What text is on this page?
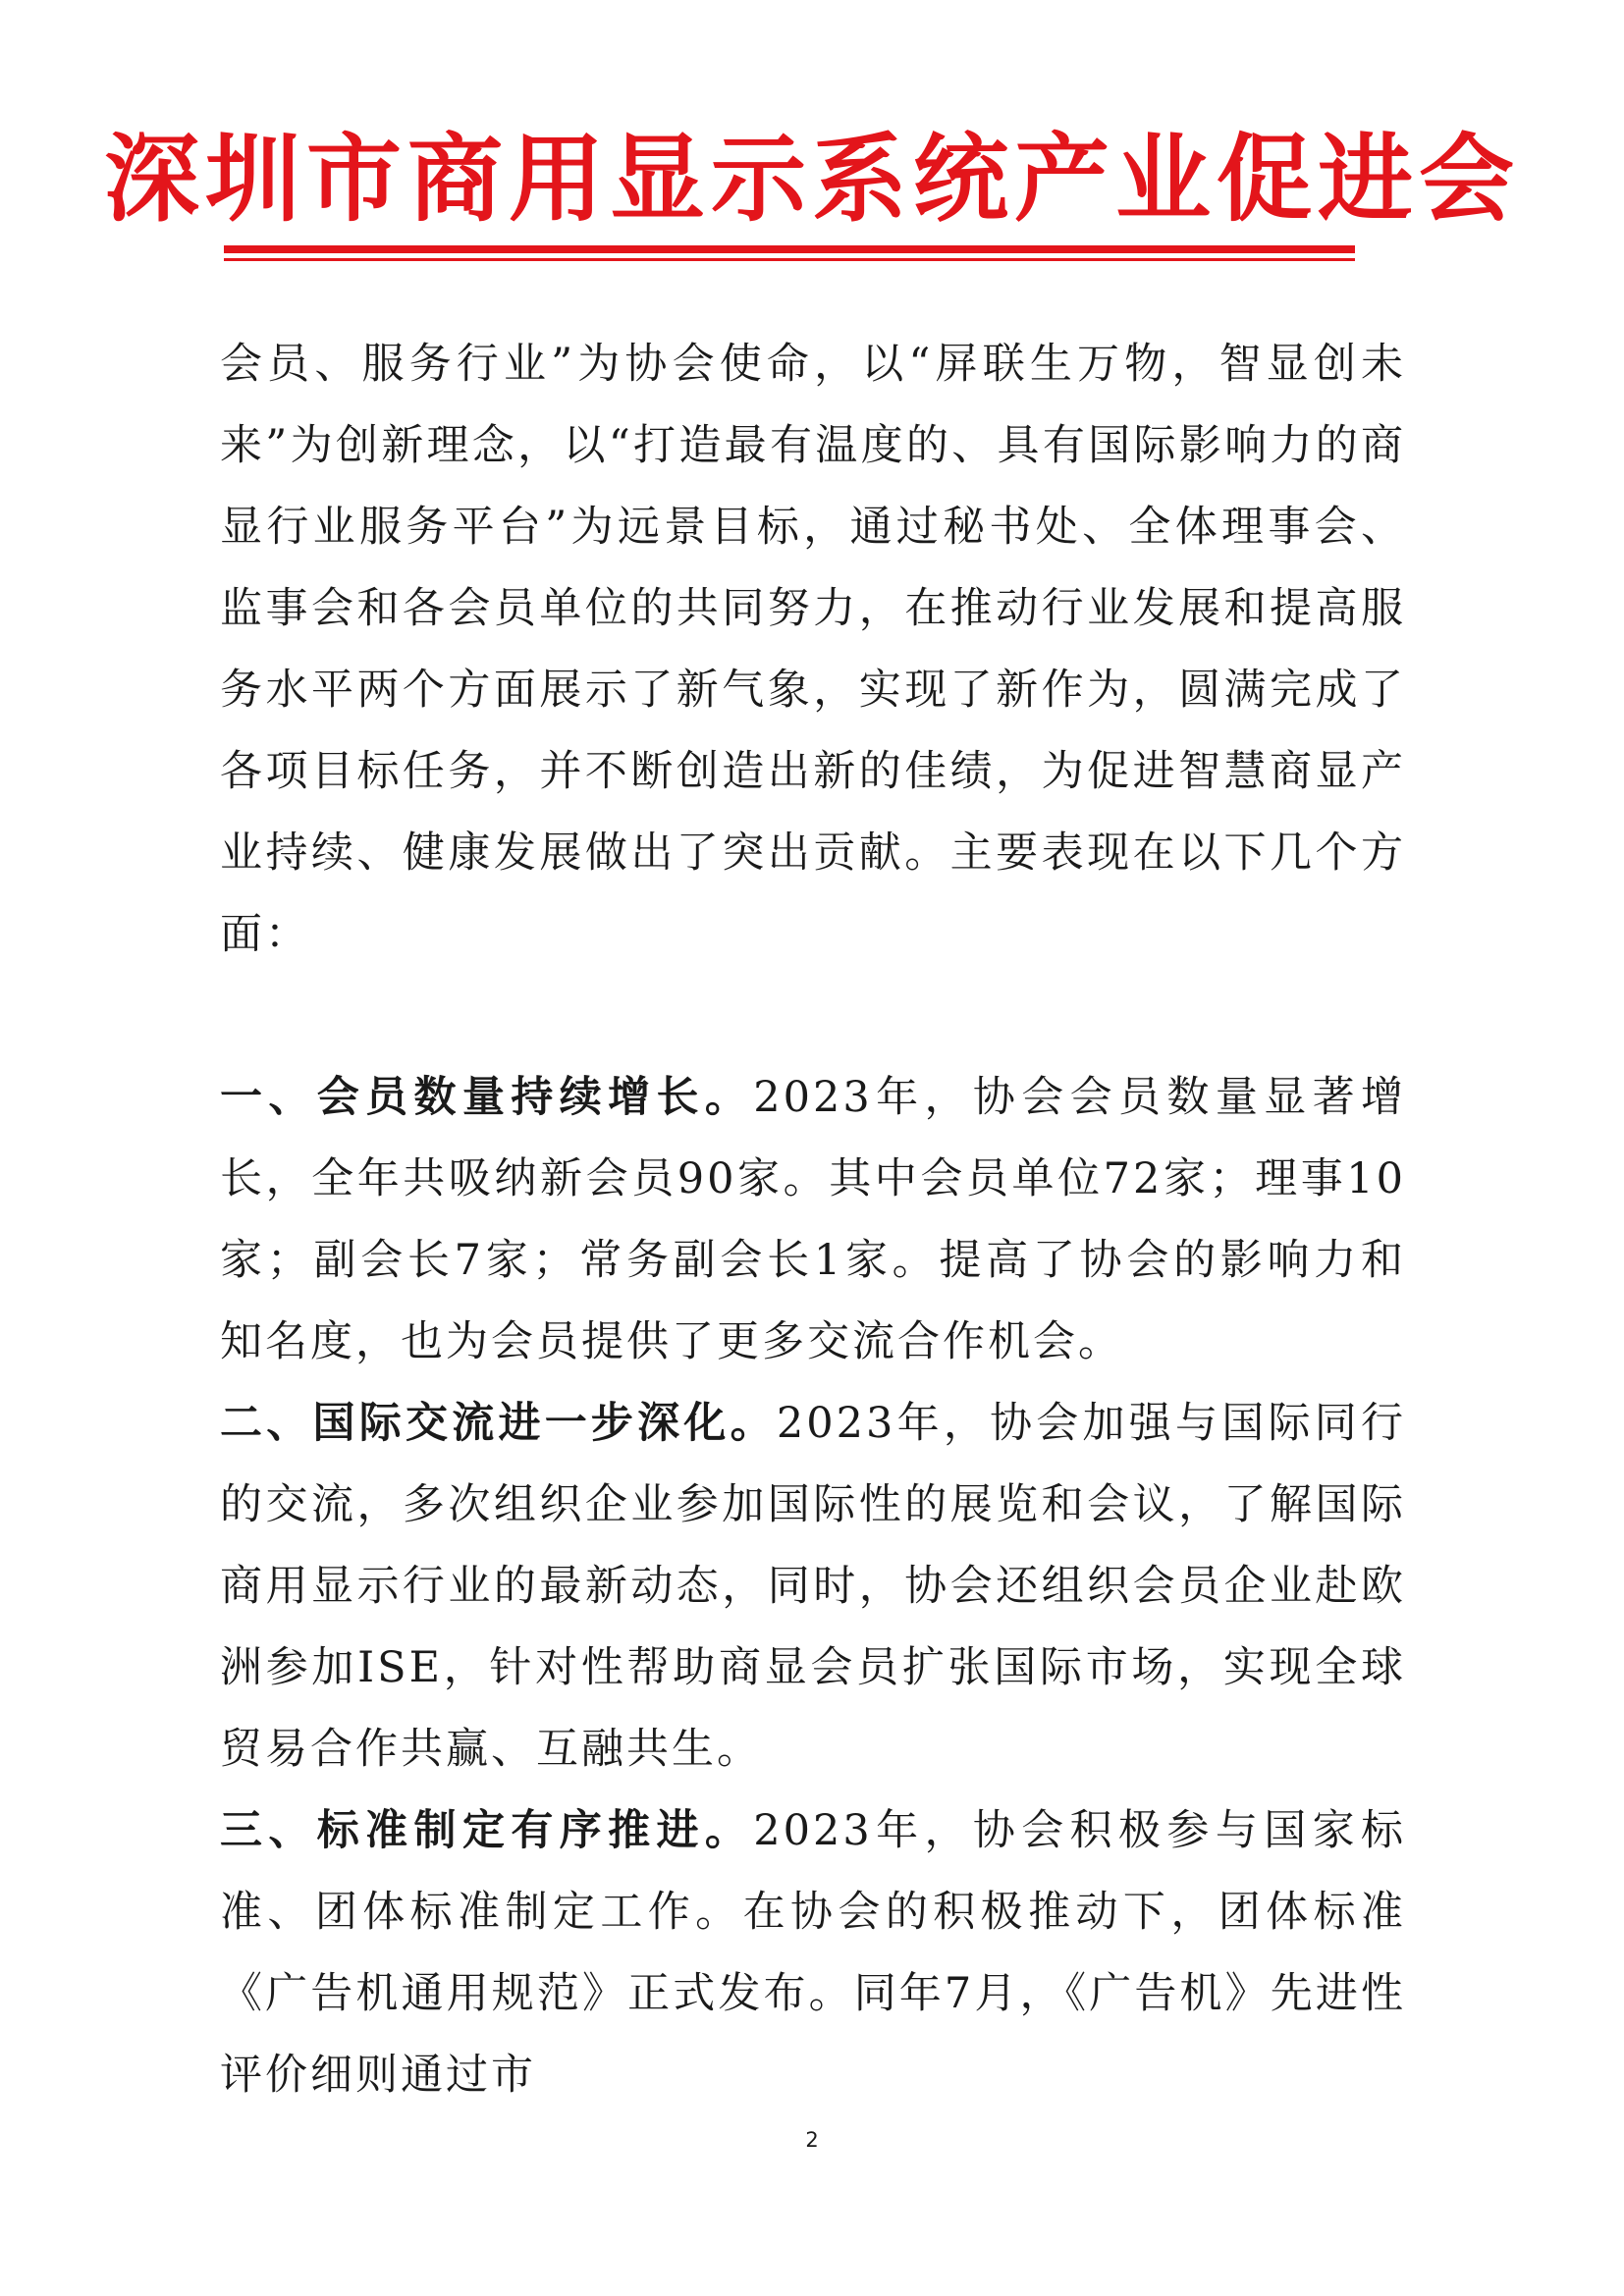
深圳市商用显示系统产业促进会

会员、服务行业”为协会使命，以“屏联生万物，智显创未来”为创新理念，以“打造最有温度的、具有国际影响力的商显行业服务平台”为远景目标，通过秘书处、全体理事会、监事会和各会员单位的共同努力，在推动行业发展和提高服务水平两个方面展示了新气象，实现了新作为，圆满完成了各项目标任务，并不断创造出新的佳绩，为促进智慧商显产业持续、健康发展做出了突出贡献。主要表现在以下几个方面：

一、会员数量持续增长。2023年，协会会员数量显著增长，全年共吸纳新会员90家。其中会员单位72家；理事10家；副会长7家；常务副会长1家。提高了协会的影响力和知名度，也为会员提供了更多交流合作机会。

二、国际交流进一步深化。2023年，协会加强与国际同行的交流，多次组织企业参加国际性的展览和会议，了解国际商用显示行业的最新动态，同时，协会还组织会员企业赴欧洲参加ISE，针对性帮助商显会员扩张国际市场，实现全球贸易合作共赢、互融共生。

三、标准制定有序推进。2023年，协会积极参与国家标准、团体标准制定工作。在协会的积极推动下，团体标准《广告机通用规范》正式发布。同年7月，《广告机》先进性评价细则通过市

2
